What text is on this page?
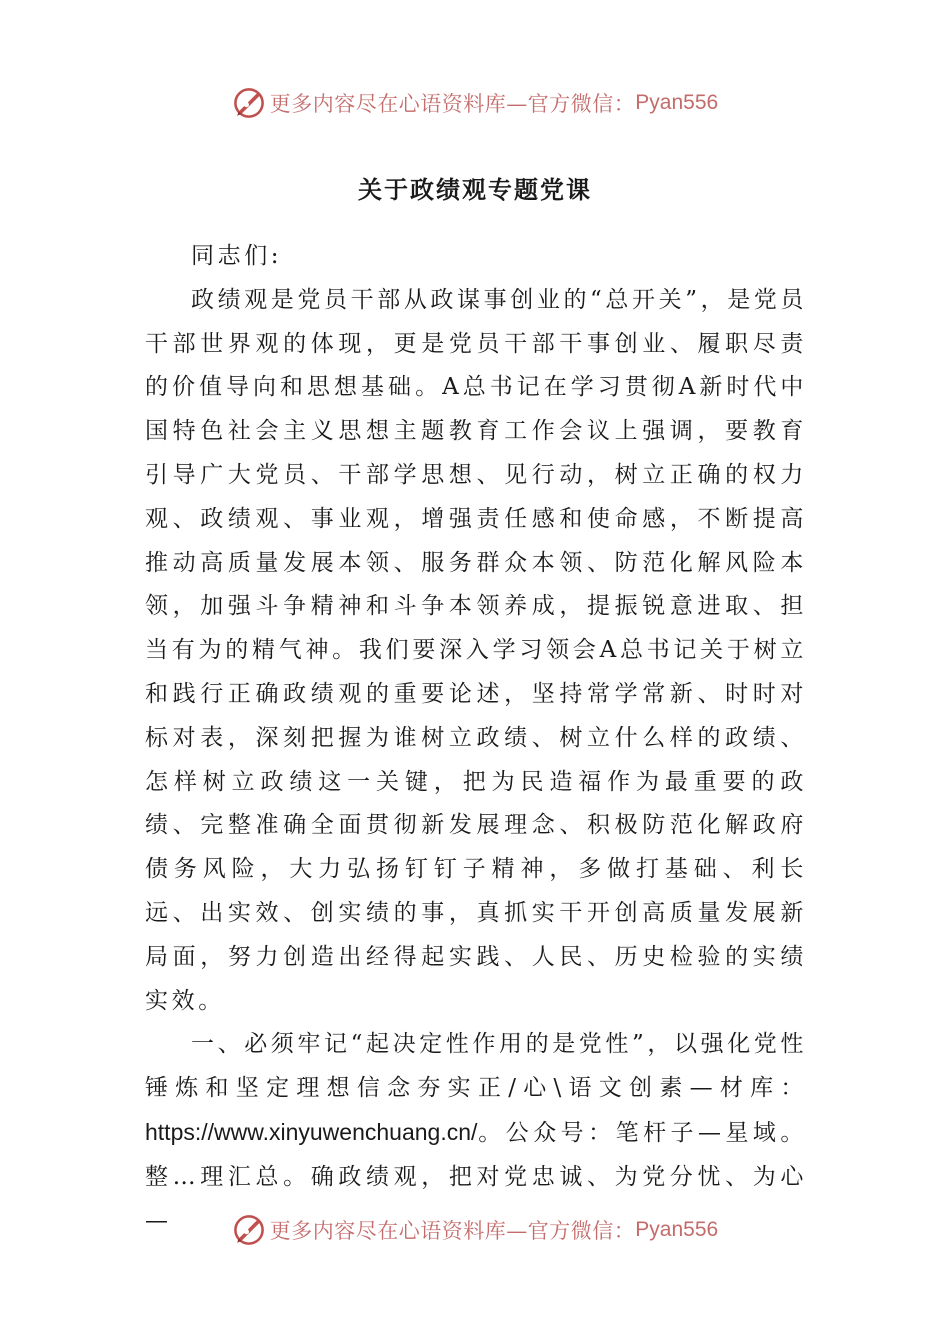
更多内容尽在心语资料库—官方微信： Pyan556
关于政绩观专题党课

同志们:

政绩观是党员干部从政谋事创业的“总开关”，是党员干部世界观的体现，更是党员干部干事创业、履职尽责的价值导向和思想基础。A总书记在学习贯彻A新时代中国特色社会主义思想主题教育工作会议上强调，要教育引导广大党员、干部学思想、见行动，树立正确的权力观、政绩观、事业观，增强责任感和使命感，不断提高推动高质量发展本领、服务群众本领、防范化解风险本领，加强斗争精神和斗争本领养成，提振锐意进取、担当有为的精气神。我们要深入学习领会A总书记关于树立和践行正确政绩观的重要论述，坚持常学常新、时时对标对表，深刻把握为谁树立政绩、树立什么样的政绩、怎样树立政绩这一关键，把为民造福作为最重要的政绩、完整准确全面贯彻新发展理念、积极防范化解政府债务风险，大力弘扬钉钉子精神，多做打基础、利长远、出实效、创实绩的事，真抓实干开创高质量发展新局面，努力创造出经得起实践、人民、历史检验的实绩实效。

一、必须牢记“起决定性作用的是党性”，以强化党性锤炼和坚定理想信念夯实正/心\语文创素—材库：https://www.xinyuwenchuang.cn/。公众号：笔杆子—星域。整…理汇总。确政绩观，把对党忠诚、为党分忧、为心—	更多内容尽在心语资料库—官方微信： Pyan556
